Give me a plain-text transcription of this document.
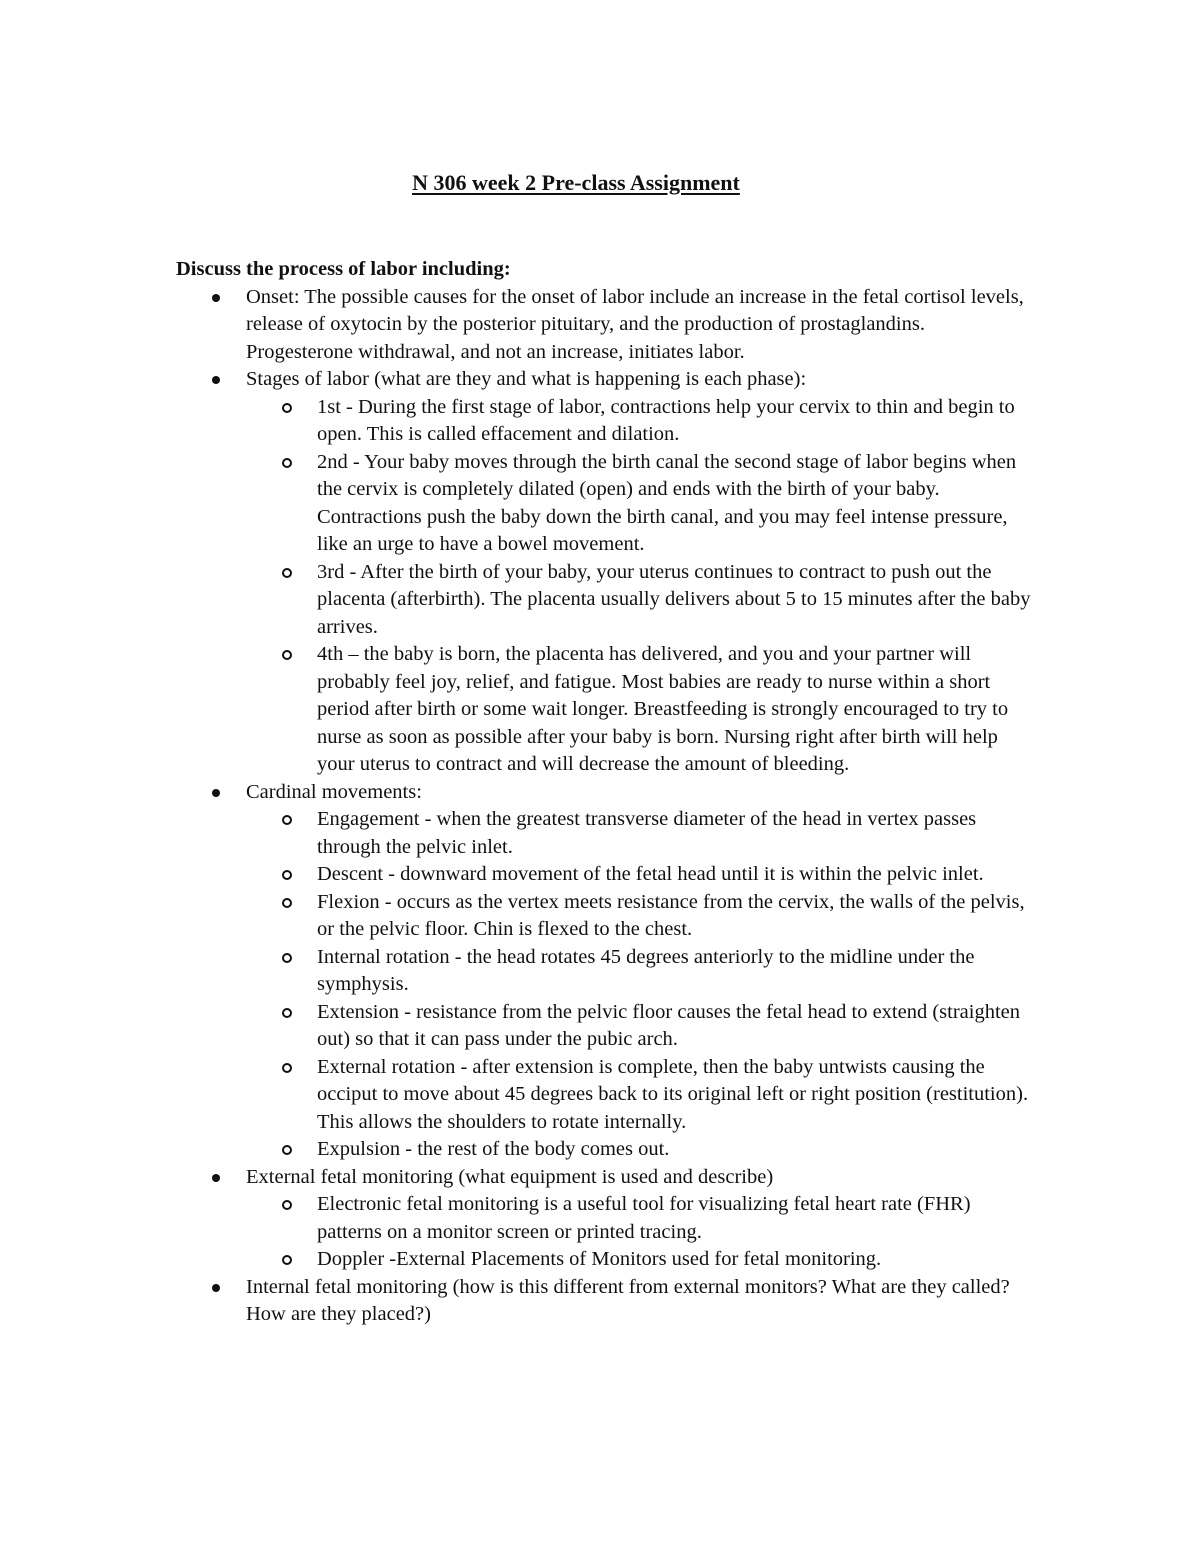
N 306 week 2 Pre-class Assignment

Discuss the process of labor including:

Onset: The possible causes for the onset of labor include an increase in the fetal cortisol levels, release of oxytocin by the posterior pituitary, and the production of prostaglandins. Progesterone withdrawal, and not an increase, initiates labor.
Stages of labor (what are they and what is happening is each phase):
1st - During the first stage of labor, contractions help your cervix to thin and begin to open. This is called effacement and dilation.
2nd - Your baby moves through the birth canal the second stage of labor begins when the cervix is completely dilated (open) and ends with the birth of your baby. Contractions push the baby down the birth canal, and you may feel intense pressure, like an urge to have a bowel movement.
3rd - After the birth of your baby, your uterus continues to contract to push out the placenta (afterbirth). The placenta usually delivers about 5 to 15 minutes after the baby arrives.
4th – the baby is born, the placenta has delivered, and you and your partner will probably feel joy, relief, and fatigue. Most babies are ready to nurse within a short period after birth or some wait longer. Breastfeeding is strongly encouraged to try to nurse as soon as possible after your baby is born. Nursing right after birth will help your uterus to contract and will decrease the amount of bleeding.
Cardinal movements:
Engagement - when the greatest transverse diameter of the head in vertex passes through the pelvic inlet.
Descent - downward movement of the fetal head until it is within the pelvic inlet.
Flexion - occurs as the vertex meets resistance from the cervix, the walls of the pelvis, or the pelvic floor. Chin is flexed to the chest.
Internal rotation - the head rotates 45 degrees anteriorly to the midline under the symphysis.
Extension - resistance from the pelvic floor causes the fetal head to extend (straighten out) so that it can pass under the pubic arch.
External rotation - after extension is complete, then the baby untwists causing the occiput to move about 45 degrees back to its original left or right position (restitution). This allows the shoulders to rotate internally.
Expulsion - the rest of the body comes out.
External fetal monitoring (what equipment is used and describe)
Electronic fetal monitoring is a useful tool for visualizing fetal heart rate (FHR) patterns on a monitor screen or printed tracing.
Doppler -External Placements of Monitors used for fetal monitoring.
Internal fetal monitoring (how is this different from external monitors? What are they called? How are they placed?)
